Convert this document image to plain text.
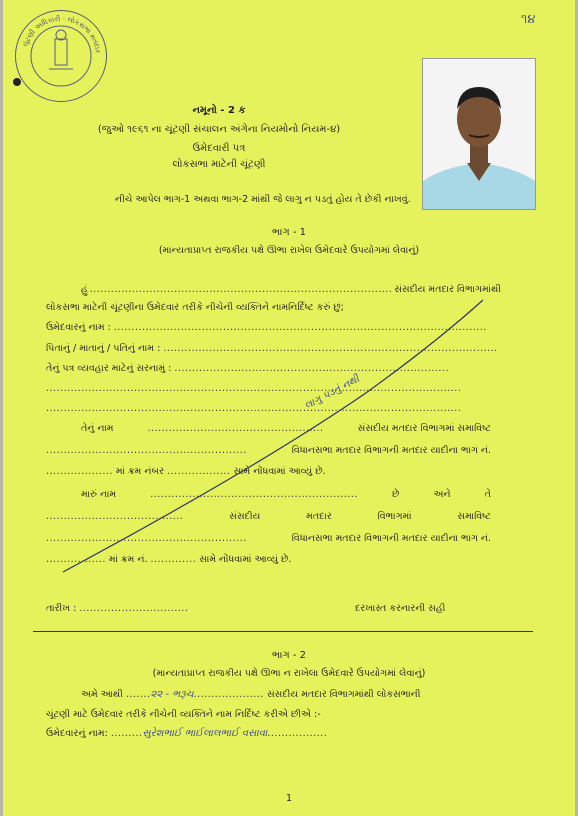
૧૪
ચૂંટણી અધિકારી · લોકસભા મતદાર
નમૂનો - 2 ક
(જુઓ ૧૯૬૧ ના ચૂંટણી સંચાલન અંગેના નિયમોનો નિયમ-૪)
ઉમેદવારી પત્ર
લોકસભા માટેની ચૂંટણી
નીચે આપેલ ભાગ-1 અથવા ભાગ-2 માંથી જે લાગુ ન પડતું હોય તે છેકી નાખવું.
ભાગ - 1
(માન્યતાપ્રાપ્ત રાજકીય પક્ષે ઊભા રાખેલ ઉમેદવારે ઉપયોગમાં લેવાનું)
હું ...................................................................................... સંસદીય મતદાર વિભાગમાંથી
લોકસભા માટેની ચૂંટણીના ઉમેદવાર તરીકે નીચેની વ્યક્તિને નામનિર્દિષ્ટ કરું છું;
ઉમેદવારનું નામ : ..........................................................................................................
પિતાનું / માતાનું / પતિનું નામ : ...............................................................................................
તેનું પત્ર વ્યવહાર માટેનું સરનામું : ..............................................................................
......................................................................................................................
......................................................................................................................
તેનું નામ	..................................................	સંસદીય મતદાર વિભાગમાં સમાવિષ્ટ
.........................................................	વિધાનસભા મતદાર વિભાગની મતદાર યાદીના ભાગ નં.
................... માં ક્રમ નંબર .................. સામે નોંધવામાં આવ્યું છે.
મારું નામ	...........................................................	છે	અને	તે
.......................................	સંસદીય	મતદાર	વિભાગમાં	સમાવિષ્ટ
.........................................................	વિધાનસભા મતદાર વિભાગની મતદાર યાદીના ભાગ નં.
................. માં ક્રમ નં. ............. સામે નોંધવામાં આવ્યું છે.
તારીખ : ...............................	દરખાસ્ત કરનારની સહી
લાગુ પડતું નથી
ભાગ - 2
(માન્યતાપ્રાપ્ત રાજકીય પક્ષે ઊભા ન રાખેલા ઉમેદવારે ઉપયોગમાં લેવાનું)
અમે આથી .......૨૨ - ભરૂચ.................... સંસદીય મતદાર વિભાગમાંથી લોકસભાની
ચૂંટણી માટે ઉમેદવાર તરીકે નીચેની વ્યક્તિને નામ નિર્દિષ્ટ કરીએ છીએ :-
ઉમેદવારનું નામ: .........સુરેશભાઈ ભાઈલાલભાઈ વસાવા.................
1
